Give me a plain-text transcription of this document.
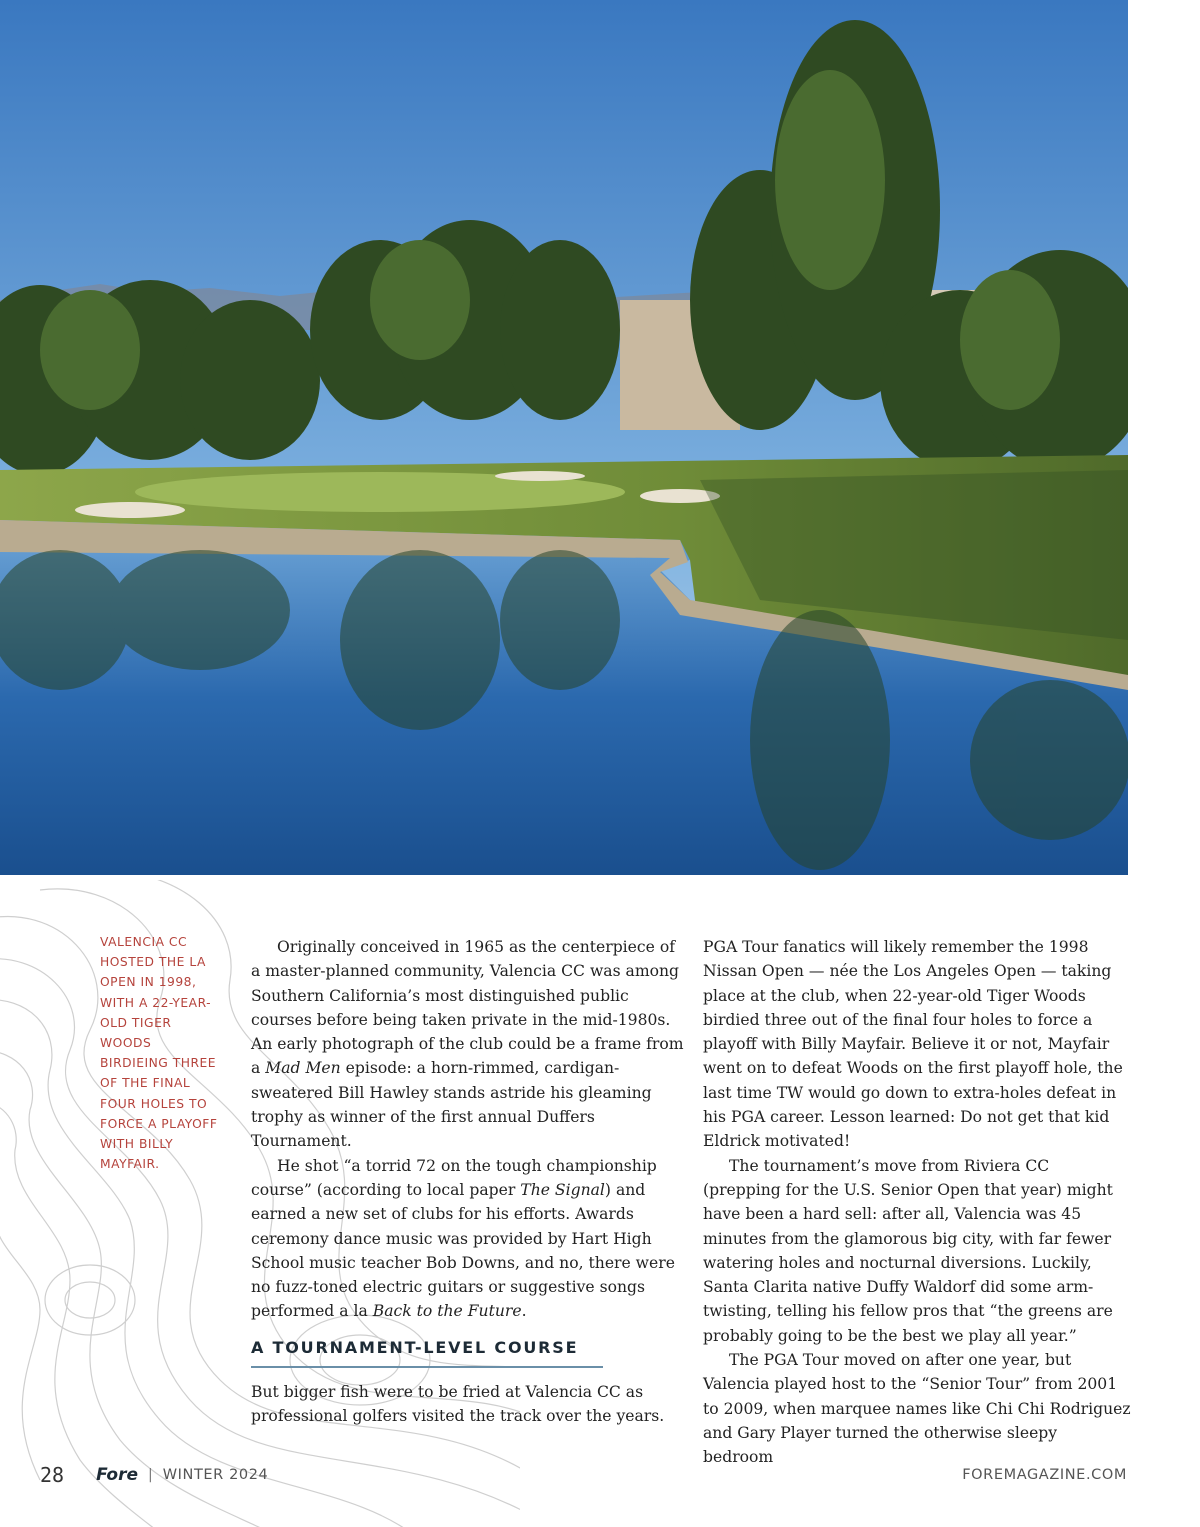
VALENCIA CC HOSTED THE LA OPEN IN 1998, WITH A 22-YEAR-OLD TIGER WOODS BIRDIEING THREE OF THE FINAL FOUR HOLES TO FORCE A PLAYOFF WITH BILLY MAYFAIR.

Originally conceived in 1965 as the centerpiece of a master-planned community, Valencia CC was among Southern California’s most distinguished public courses before being taken private in the mid-1980s. An early photograph of the club could be a frame from a Mad Men episode: a horn-rimmed, cardigan-sweatered Bill Hawley stands astride his gleaming trophy as winner of the first annual Duffers Tournament.

He shot “a torrid 72 on the tough championship course” (according to local paper The Signal) and earned a new set of clubs for his efforts. Awards ceremony dance music was provided by Hart High School music teacher Bob Downs, and no, there were no fuzz-toned electric guitars or suggestive songs performed a la Back to the Future.

A TOURNAMENT-LEVEL COURSE

But bigger fish were to be fried at Valencia CC as professional golfers visited the track over the years.

PGA Tour fanatics will likely remember the 1998 Nissan Open — née the Los Angeles Open — taking place at the club, when 22-year-old Tiger Woods birdied three out of the final four holes to force a playoff with Billy Mayfair. Believe it or not, Mayfair went on to defeat Woods on the first playoff hole, the last time TW would go down to extra-holes defeat in his PGA career. Lesson learned: Do not get that kid Eldrick motivated!

The tournament’s move from Riviera CC (prepping for the U.S. Senior Open that year) might have been a hard sell: after all, Valencia was 45 minutes from the glamorous big city, with far fewer watering holes and nocturnal diversions. Luckily, Santa Clarita native Duffy Waldorf did some arm-twisting, telling his fellow pros that “the greens are probably going to be the best we play all year.”

The PGA Tour moved on after one year, but Valencia played host to the “Senior Tour” from 2001 to 2009, when marquee names like Chi Chi Rodriguez and Gary Player turned the otherwise sleepy bedroom

28 Fore | WINTER 2024	FOREMAGAZINE.COM
